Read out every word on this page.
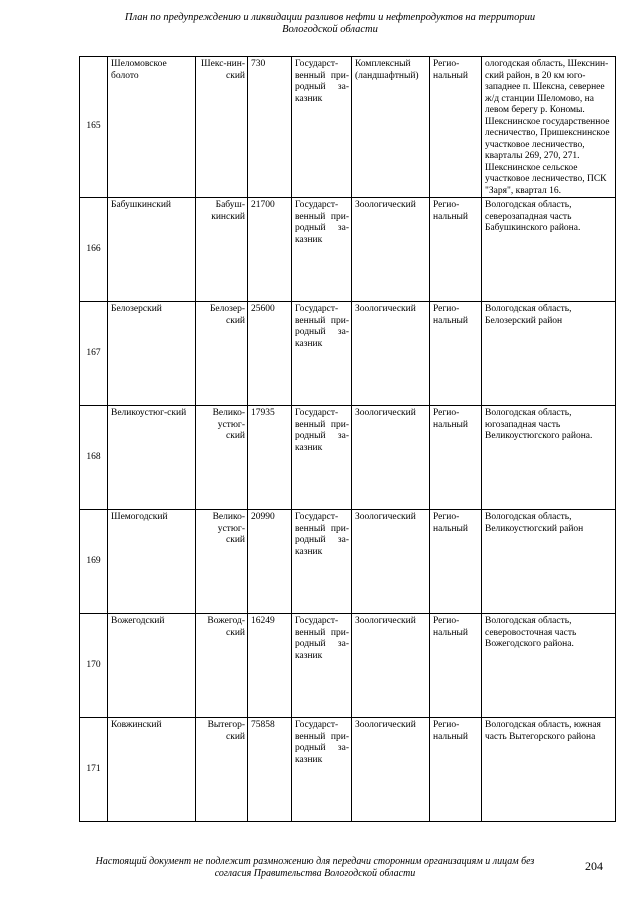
План по предупреждению и ликвидации разливов нефти и нефтепродуктов на территории
Вологодской области
165	Шеломовское болото	Шекс-нин- ский	730	Государст-венный при-родный за-казник	Комплексный (ландшафтный)	Регио-нальный	ологодская область, Шекснин- ский район, в 20 км юго- западнее п. Шексна, севернее ж/д станции Шеломово, на левом берегу р. Кономы. Шекснинское государственное лесничество, Пришекснинское участковое лесничество, кварталы 269, 270, 271. Шекснинское сельское участковое лесничество, ПСК "Заря", квартал 16.
166	Бабушкинский	Бабуш-кинский	21700	Государст-венный при-родный за-казник	Зоологический	Регио-нальный	Вологодская область, северозападная часть Бабушкинского района.
167	Белозерский	Белозер-ский	25600	Государст-венный при-родный за-казник	Зоологический	Регио-нальный	Вологодская область, Белозерский район
168	Великоустюг-ский	Велико-устюг-ский	17935	Государст-венный при-родный за-казник	Зоологический	Регио-нальный	Вологодская область, югозападная часть Великоустюгского района.
169	Шемогодский	Велико-устюг-ский	20990	Государст-венный при-родный за-казник	Зоологический	Регио-нальный	Вологодская область, Великоустюгский район
170	Вожегодский	Вожегод-ский	16249	Государст-венный при-родный за-казник	Зоологический	Регио-нальный	Вологодская область, северовосточная часть Вожегодского района.
171	Ковжинский	Вытегор-ский	75858	Государст-венный при-родный за-казник	Зоологический	Регио-нальный	Вологодская область, южная часть Вытегорского района
Настоящий документ не подлежит размножению для передачи сторонним организациям и лицам без
согласия Правительства Вологодской области
204
